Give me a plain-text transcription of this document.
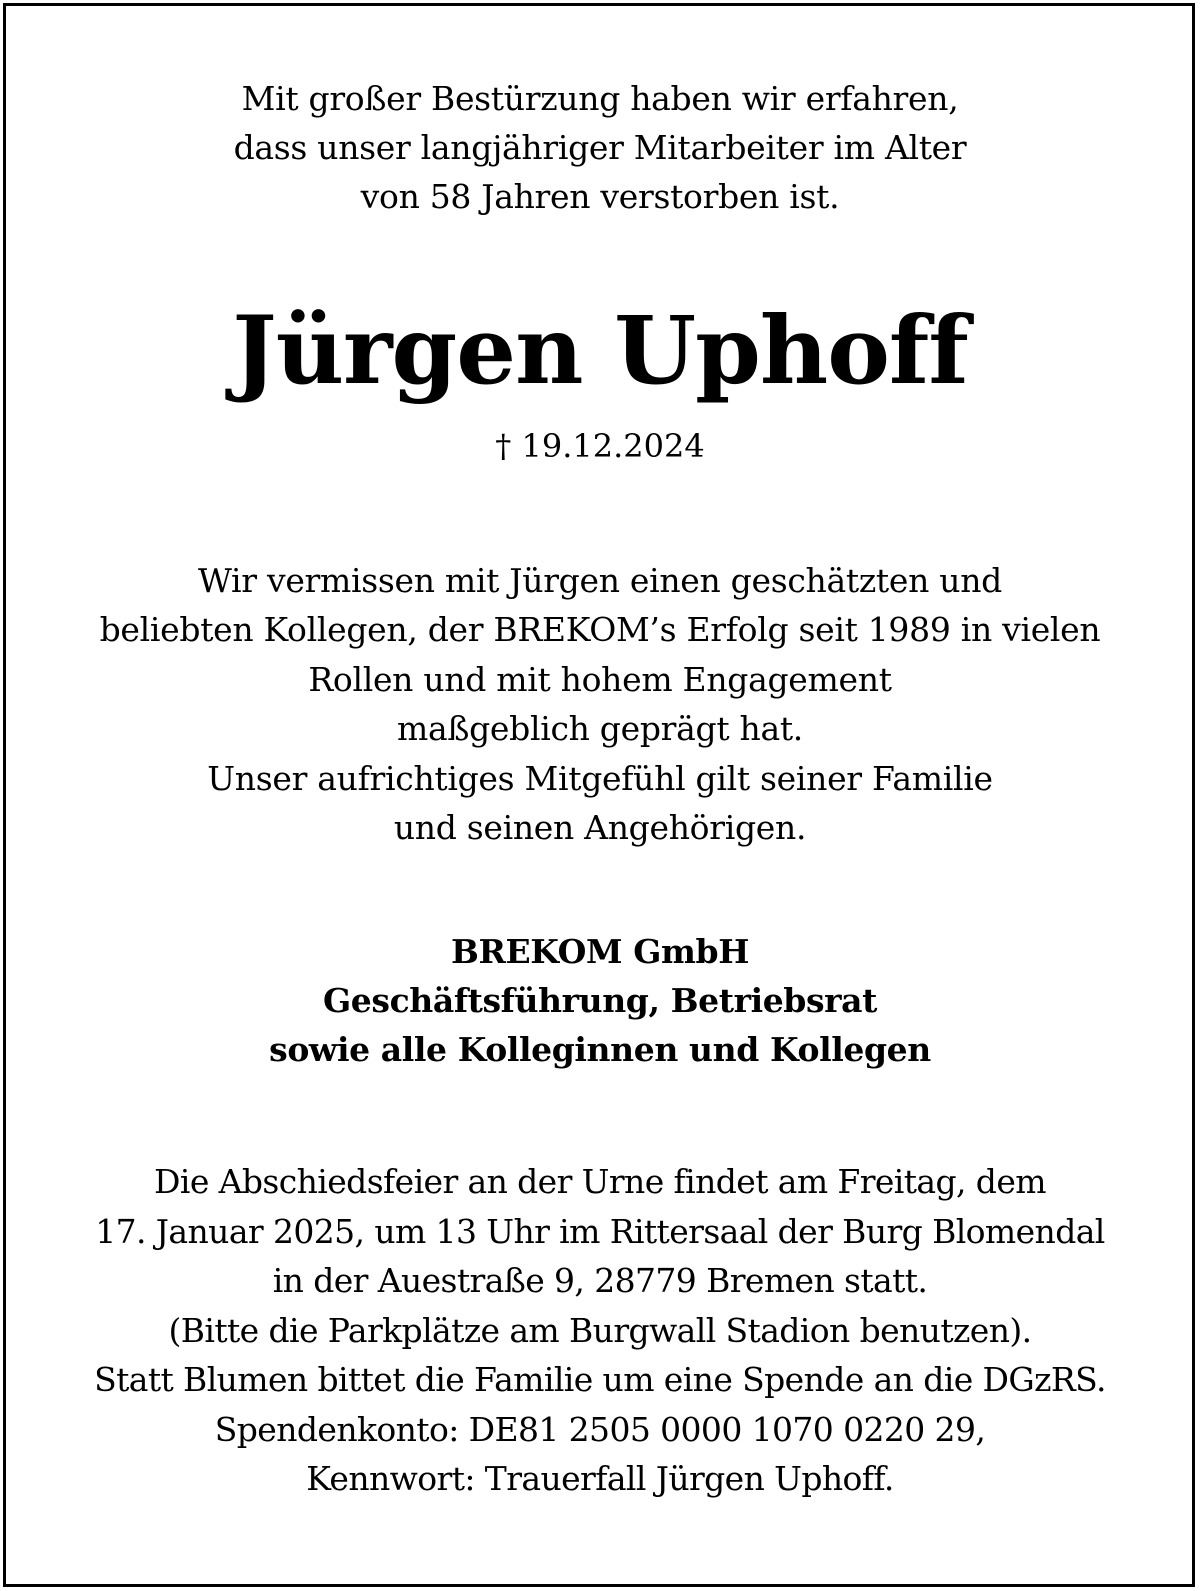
Mit großer Bestürzung haben wir erfahren,
dass unser langjähriger Mitarbeiter im Alter
von 58 Jahren verstorben ist.
Jürgen Uphoff
† 19.12.2024
Wir vermissen mit Jürgen einen geschätzten und
beliebten Kollegen, der BREKOM’s Erfolg seit 1989 in vielen
Rollen und mit hohem Engagement
maßgeblich geprägt hat.
Unser aufrichtiges Mitgefühl gilt seiner Familie
und seinen Angehörigen.
BREKOM GmbH
Geschäftsführung, Betriebsrat
sowie alle Kolleginnen und Kollegen
Die Abschiedsfeier an der Urne findet am Freitag, dem
17. Januar 2025, um 13 Uhr im Rittersaal der Burg Blomendal
in der Auestraße 9, 28779 Bremen statt.
(Bitte die Parkplätze am Burgwall Stadion benutzen).
Statt Blumen bittet die Familie um eine Spende an die DGzRS.
Spendenkonto: DE81 2505 0000 1070 0220 29,
Kennwort: Trauerfall Jürgen Uphoff.
